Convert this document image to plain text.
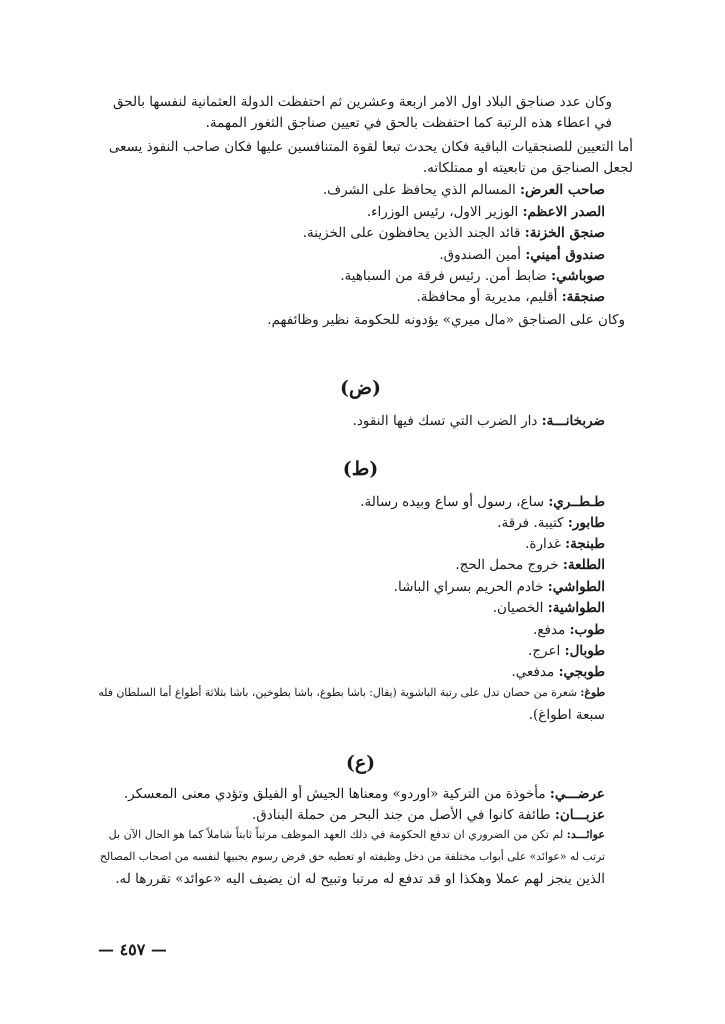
وكان عدد صناجق البلاد اول الامر اربعة وعشرين ثم احتفظت الدولة العثمانية لنفسها بالحق في اعطاء هذه الرتبة كما احتفظت بالحق في تعيين صناجق الثغور المهمة.
أما التعيين للصنجقيات الباقية فكان يحدث تبعا لقوة المتنافسين عليها فكان صاحب النفوذ يسعى لجعل الصناجق من تابعيته او ممتلكاته.
صاحب العرض: المسالم الذي يحافظ على الشرف.
الصدر الاعظم: الوزير الاول، رئيس الوزراء.
صنجق الخزنة: قائد الجند الذين يحافظون على الخزينة.
صندوق أميني: أمين الصندوق.
صوباشي: ضابط أمن. رئيس فرقة من السباهية.
صنجقة: أقليم، مديرية أو محافظة.
وكان على الصناجق «مال ميري» يؤدونه للحكومة نظير وظائفهم.
(ض)
ضربخانـــة: دار الضرب التي تسك فيها النقود.
(ط)
طـطــري: ساع، رسول أو ساع وبيده رسالة.
طابور: كتيبة. فرقة.
طبنجة: غدارة.
الطلعة: خروج محمل الحج.
الطواشي: خادم الحريم بسراي الباشا.
الطواشية: الخصيان.
طوب: مدفع.
طوبال: اعرج.
طوبجي: مدفعي.
طوغ: شعرة من حصان تدل على رتبة الباشوية (يقال: باشا بطوغ، باشا بطوخين، باشا بثلاثة أطواغ أما السلطان فله
سبعة اطواغ).
(ع)
عرضـــي: مأخوذة من التركية «اوردو» ومعناها الجيش أو الفيلق وتؤدي معنى المعسكر.
عزبـــان: طائفة كانوا في الأصل من جند البحر من حملة البنادق.
عوائـــد: لم تكن من الضروري ان تدفع الحكومة في ذلك العهد الموظف مرتباً ثابتاً شاملاً كما هو الحال الآن بل
ترتب له «عوائد» على أبواب مختلفة من دخل وظيفته او تعطيه حق فرض رسوم يجبيها لنفسه من اصحاب المصالح
الذين ينجز لهم عملا وهكذا او قد تدفع له مرتبا وتبيح له ان يضيف اليه «عوائد» تقررها له.
— ٤٥٧ —
